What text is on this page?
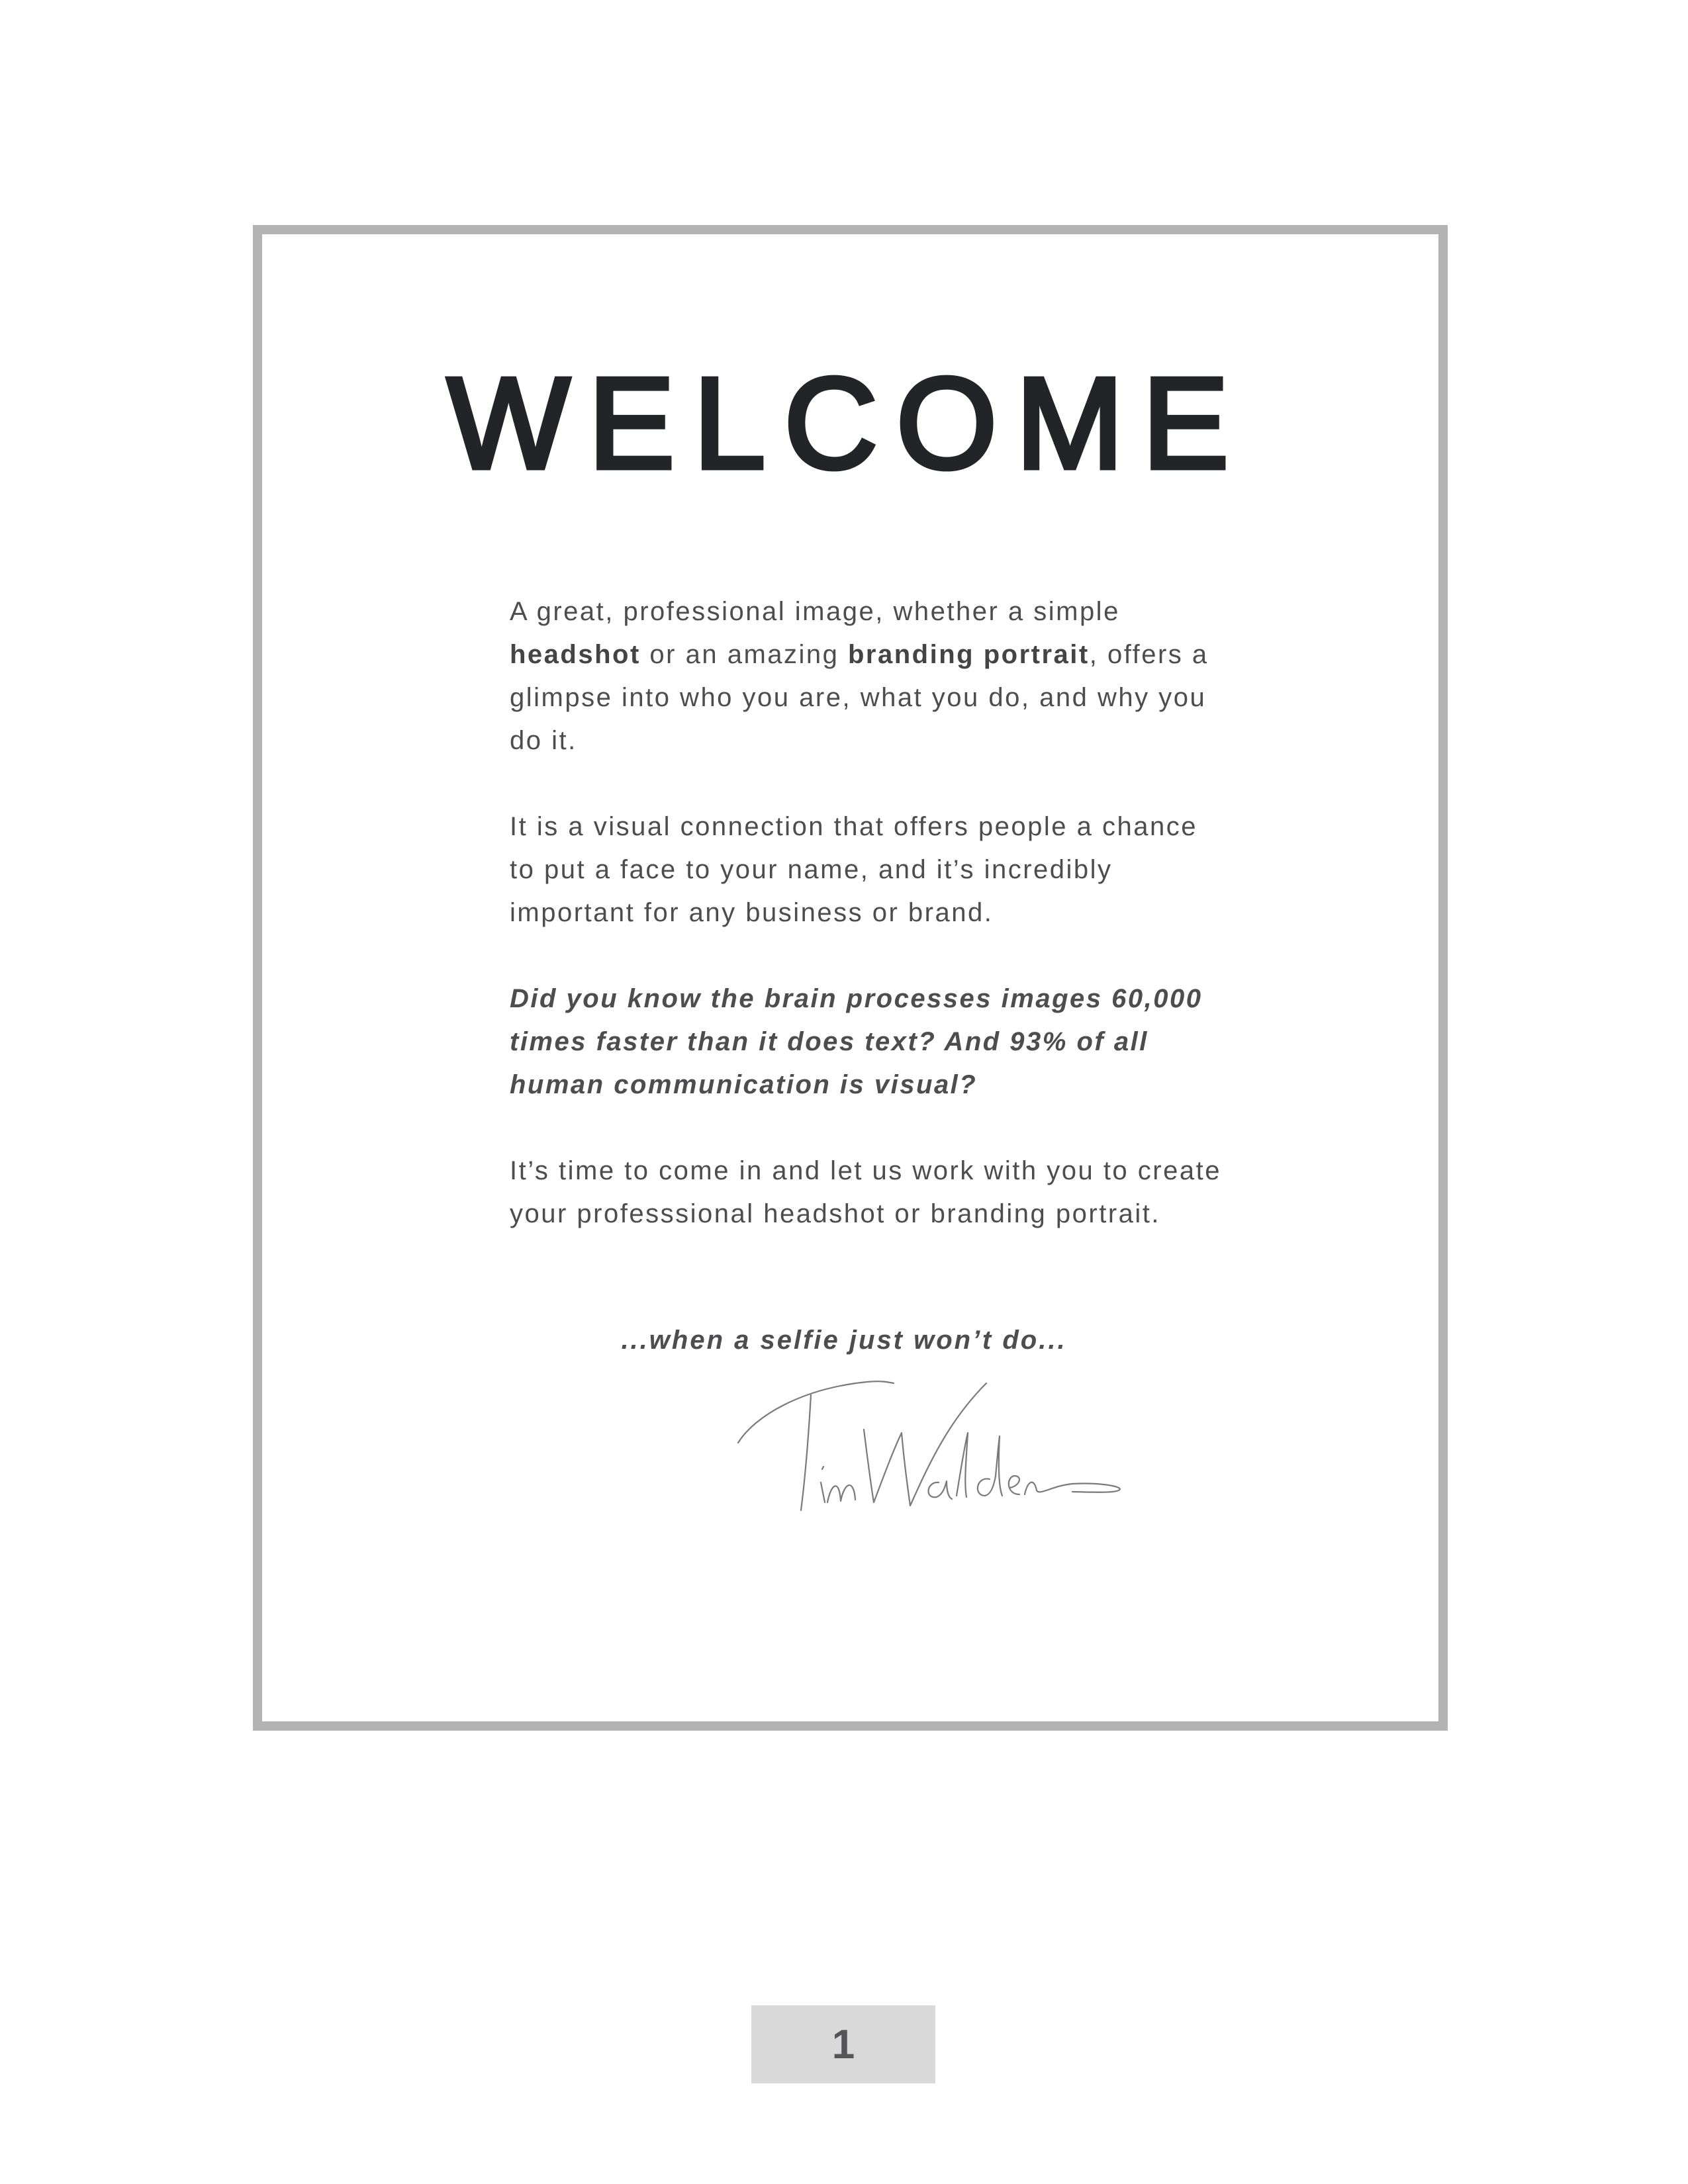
WELCOME

A great, professional image, whether a simple headshot or an amazing branding portrait, offers a glimpse into who you are, what you do, and why you do it.

It is a visual connection that offers people a chance to put a face to your name, and it’s incredibly important for any business or brand.

Did you know the brain processes images 60,000 times faster than it does text? And 93% of all human communication is visual?

It’s time to come in and let us work with you to create your professsional headshot or branding portrait.

...when a selfie just won’t do...
1
